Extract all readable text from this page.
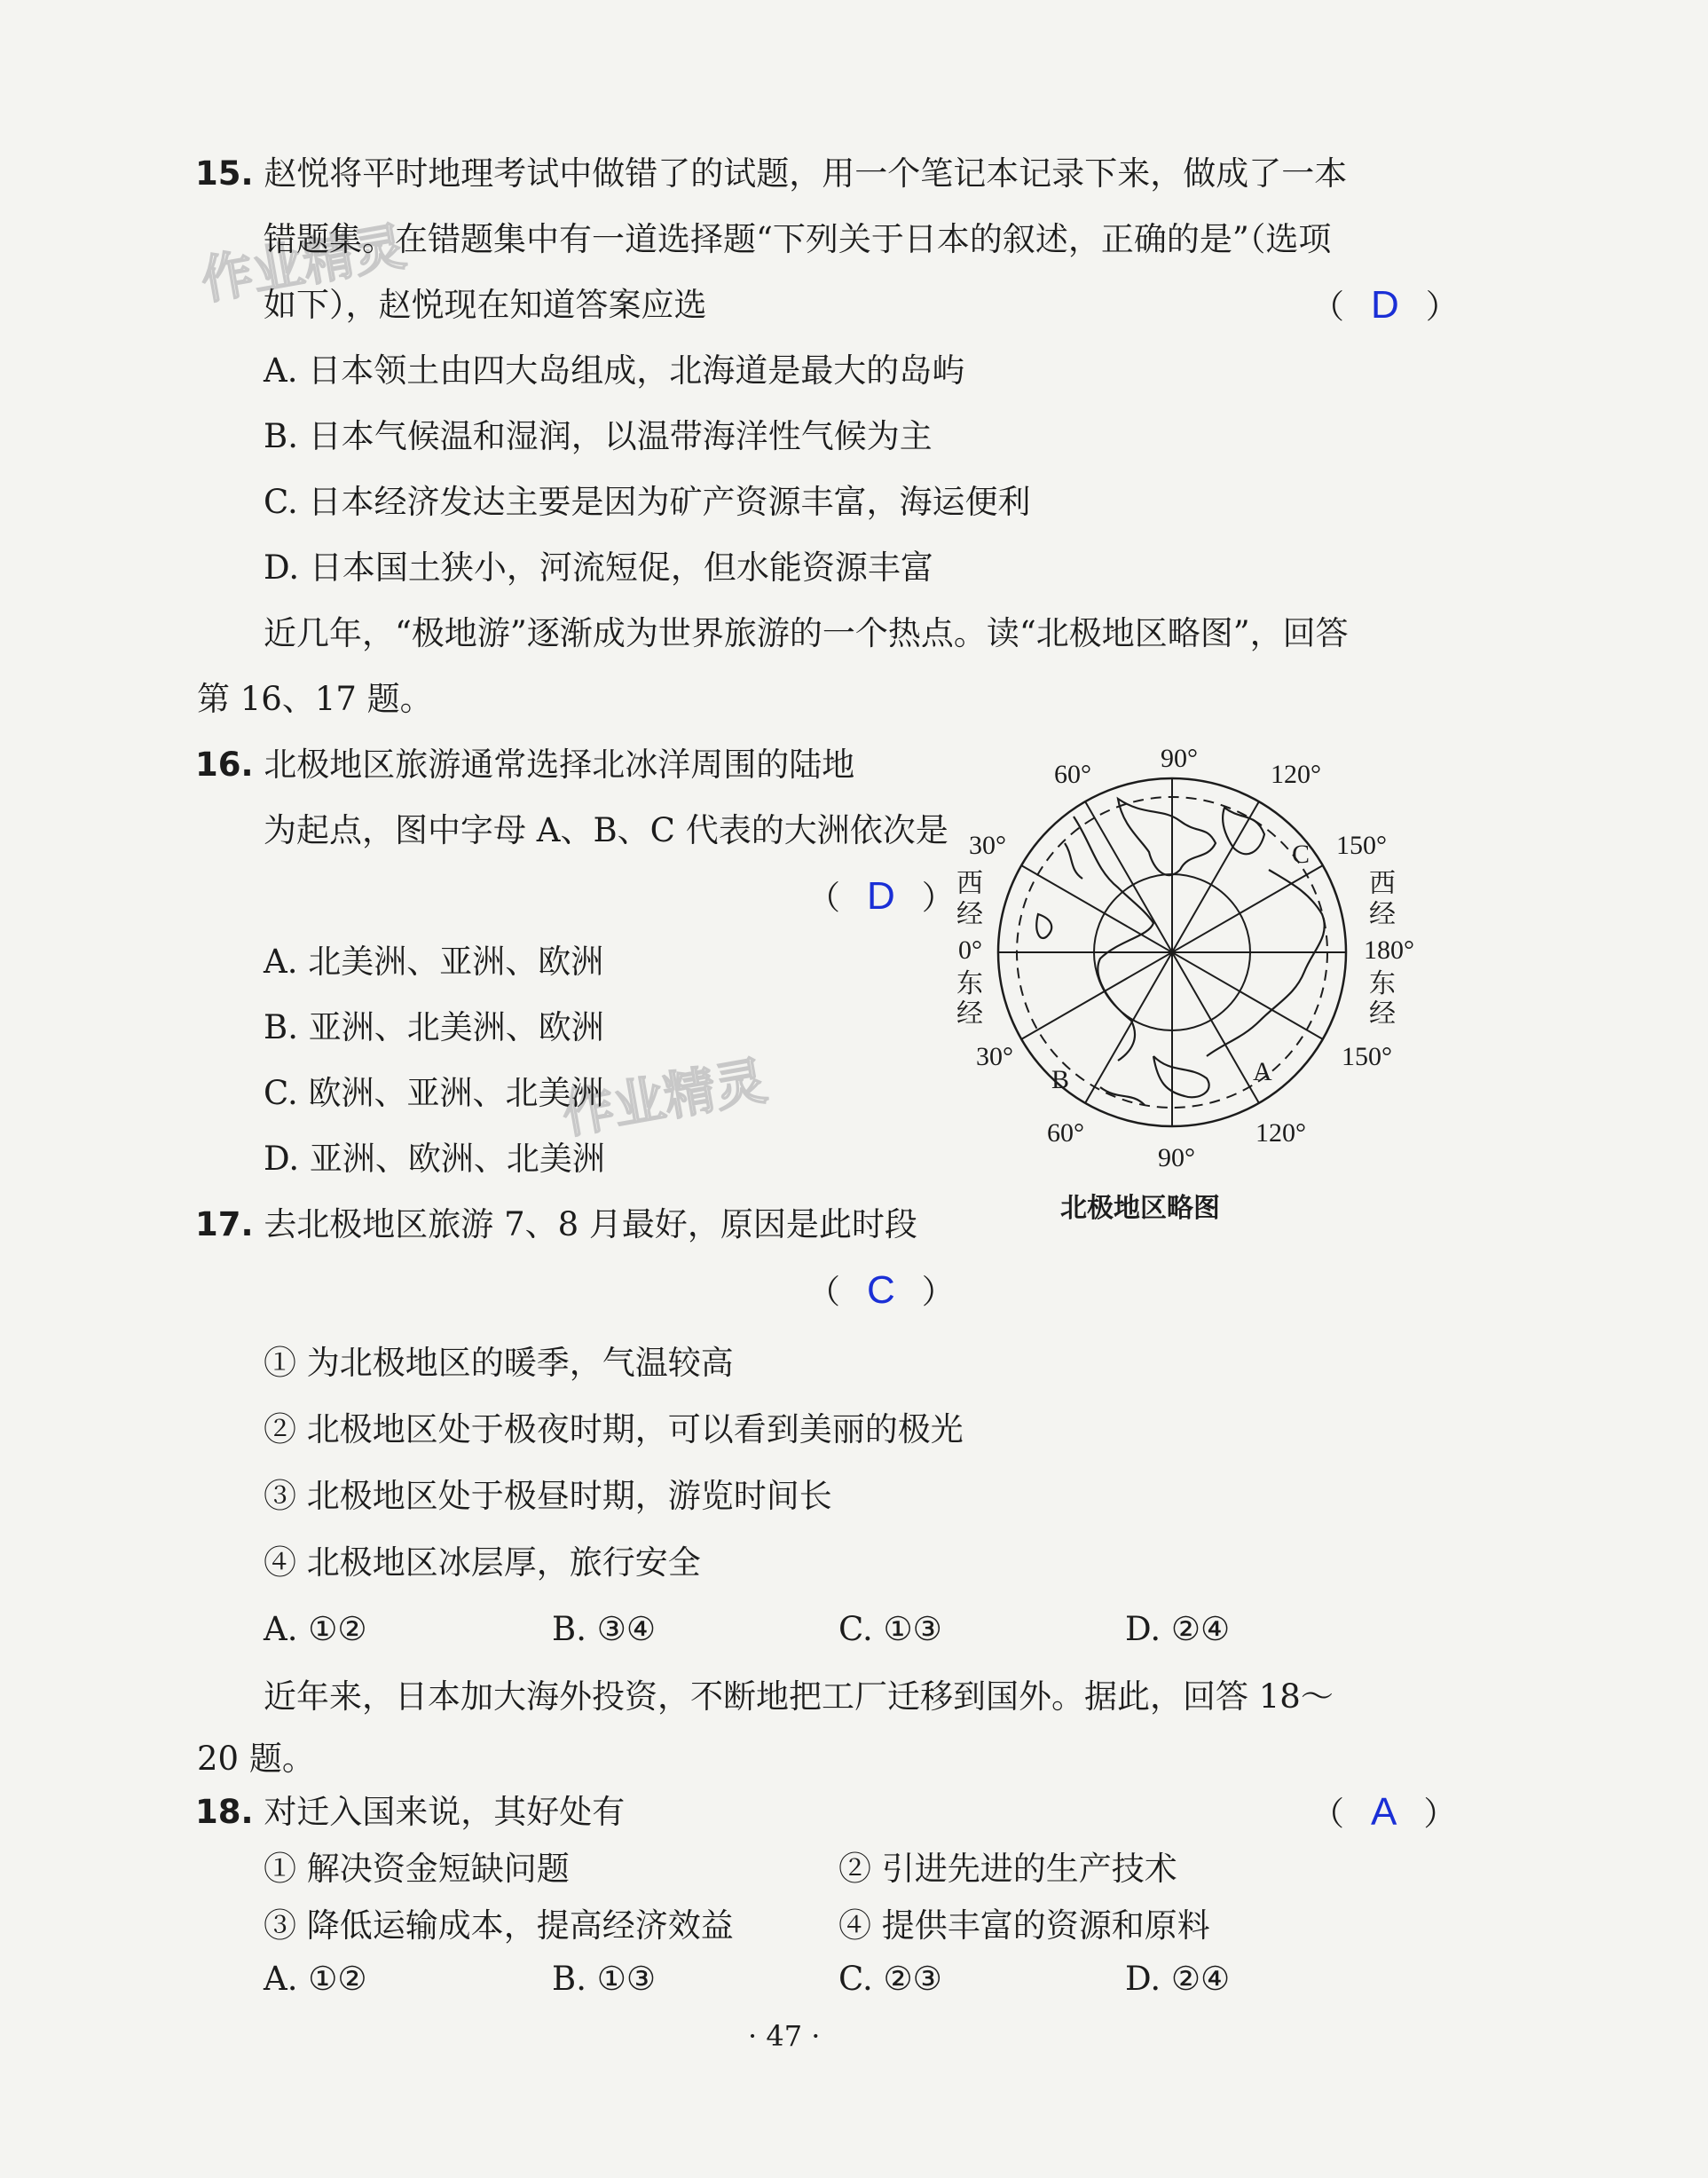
作业精灵
作业精灵
15. 赵悦将平时地理考试中做错了的试题，用一个笔记本记录下来，做成了一本
错题集。在错题集中有一道选择题“下列关于日本的叙述，正确的是”（选项
如下），赵悦现在知道答案应选	（ D ）
A. 日本领土由四大岛组成，北海道是最大的岛屿
B. 日本气候温和湿润，以温带海洋性气候为主
C. 日本经济发达主要是因为矿产资源丰富，海运便利
D. 日本国土狭小，河流短促，但水能资源丰富
近几年，“极地游”逐渐成为世界旅游的一个热点。读“北极地区略图”，回答
第 16、17 题。
16. 北极地区旅游通常选择北冰洋周围的陆地
为起点，图中字母 A、B、C 代表的大洲依次是
（ D ）
A. 北美洲、亚洲、欧洲
B. 亚洲、北美洲、欧洲
C. 欧洲、亚洲、北美洲
D. 亚洲、欧洲、北美洲
90°
60°	120°
30°	150°
西
经
0°
东
经
西
经
180°
东
经
30°	150°
60°	120°
90°
B	A
C
北极地区略图
17. 去北极地区旅游 7、8 月最好，原因是此时段
（ C ）
① 为北极地区的暖季，气温较高
② 北极地区处于极夜时期，可以看到美丽的极光
③ 北极地区处于极昼时期，游览时间长
④ 北极地区冰层厚，旅行安全
A. ①②	B. ③④	C. ①③	D. ②④
近年来，日本加大海外投资，不断地把工厂迁移到国外。据此，回答 18～
20 题。
18. 对迁入国来说，其好处有	（ A ）
① 解决资金短缺问题	② 引进先进的生产技术
③ 降低运输成本，提高经济效益	④ 提供丰富的资源和原料
A. ①②	B. ①③	C. ②③	D. ②④
· 47 ·
